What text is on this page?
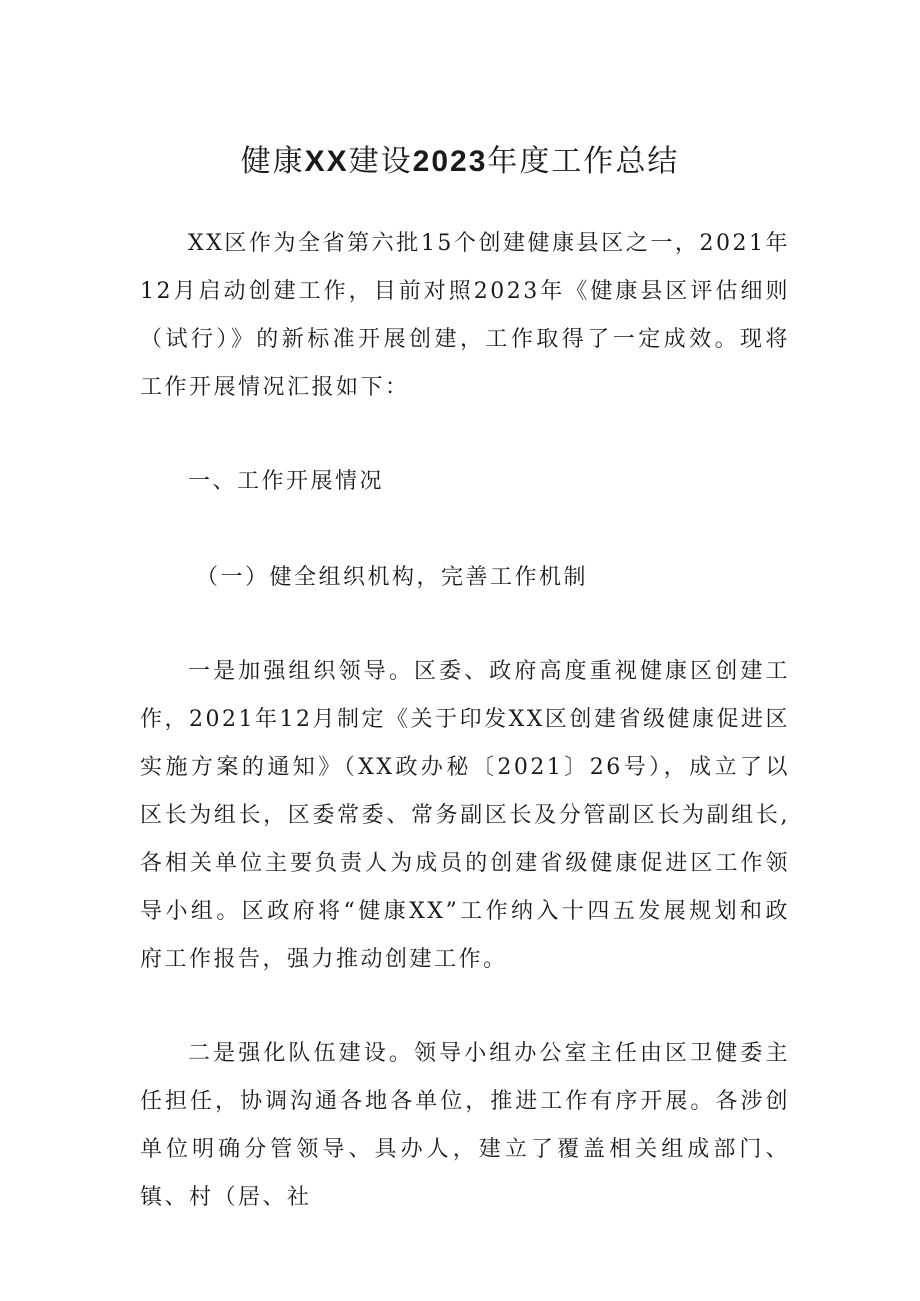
健康XX建设2023年度工作总结

XX区作为全省第六批15个创建健康县区之一，2021年12月启动创建工作，目前对照2023年《健康县区评估细则（试行）》的新标准开展创建，工作取得了一定成效。现将工作开展情况汇报如下：

一、工作开展情况

（一）健全组织机构，完善工作机制

一是加强组织领导。区委、政府高度重视健康区创建工作，2021年12月制定《关于印发XX区创建省级健康促进区实施方案的通知》（XX政办秘〔2021〕26号），成立了以区长为组长，区委常委、常务副区长及分管副区长为副组长,各相关单位主要负责人为成员的创建省级健康促进区工作领导小组。区政府将“健康XX”工作纳入十四五发展规划和政府工作报告，强力推动创建工作。

二是强化队伍建设。领导小组办公室主任由区卫健委主任担任，协调沟通各地各单位，推进工作有序开展。各涉创单位明确分管领导、具办人，建立了覆盖相关组成部门、镇、村（居、社
